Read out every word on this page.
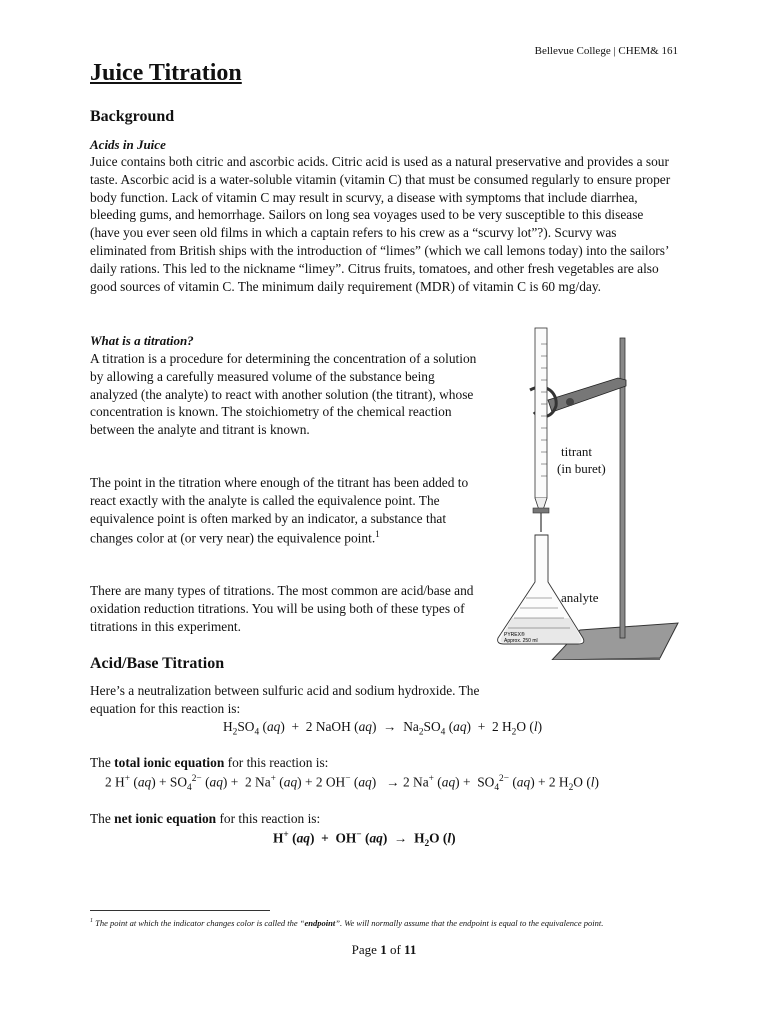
Bellevue College | CHEM& 161
Juice Titration
Background
Acids in Juice
Juice contains both citric and ascorbic acids. Citric acid is used as a natural preservative and provides a sour taste. Ascorbic acid is a water-soluble vitamin (vitamin C) that must be consumed regularly to ensure proper body function. Lack of vitamin C may result in scurvy, a disease with symptoms that include diarrhea, bleeding gums, and hemorrhage. Sailors on long sea voyages used to be very susceptible to this disease (have you ever seen old films in which a captain refers to his crew as a “scurvy lot”?). Scurvy was eliminated from British ships with the introduction of “limes” (which we call lemons today) into the sailors’ daily rations. This led to the nickname “limey”. Citrus fruits, tomatoes, and other fresh vegetables are also good sources of vitamin C. The minimum daily requirement (MDR) of vitamin C is 60 mg/day.
What is a titration?
A titration is a procedure for determining the concentration of a solution by allowing a carefully measured volume of the substance being analyzed (the analyte) to react with another solution (the titrant), whose concentration is known. The stoichiometry of the chemical reaction between the analyte and titrant is known.
The point in the titration where enough of the titrant has been added to react exactly with the analyte is called the equivalence point. The equivalence point is often marked by an indicator, a substance that changes color at (or very near) the equivalence point.$^1$
There are many types of titrations. The most common are acid/base and oxidation reduction titrations. You will be using both of these types of titrations in this experiment.
PYREX®
Approx. 250 ml
titrant
(in buret)
analyte
Acid/Base Titration
Here’s a neutralization between sulfuric acid and sodium hydroxide. The equation for this reaction is:
$H_2SO_4$ (aq)  +  2 NaOH $(aq) \to Na_2SO_4$ (aq)  +  2 $H_2O$ (l)
The total ionic equation for this reaction is:
2 H+ $(aq) + SO_4^{2-}$ (aq) +  2 Na+ (aq) + 2 OH− (aq)   → 2 Na+ $(aq) + SO_4^{2-}$ (aq) + 2 $H_2O$ (l)
The net ionic equation for this reaction is:
H+ (aq)  +  OH− $(aq) \to H_2O$ (l)
$^1$ The point at which the indicator changes color is called the “endpoint”. We will normally assume that the endpoint is equal to the equivalence point.
Page 1 of 11
